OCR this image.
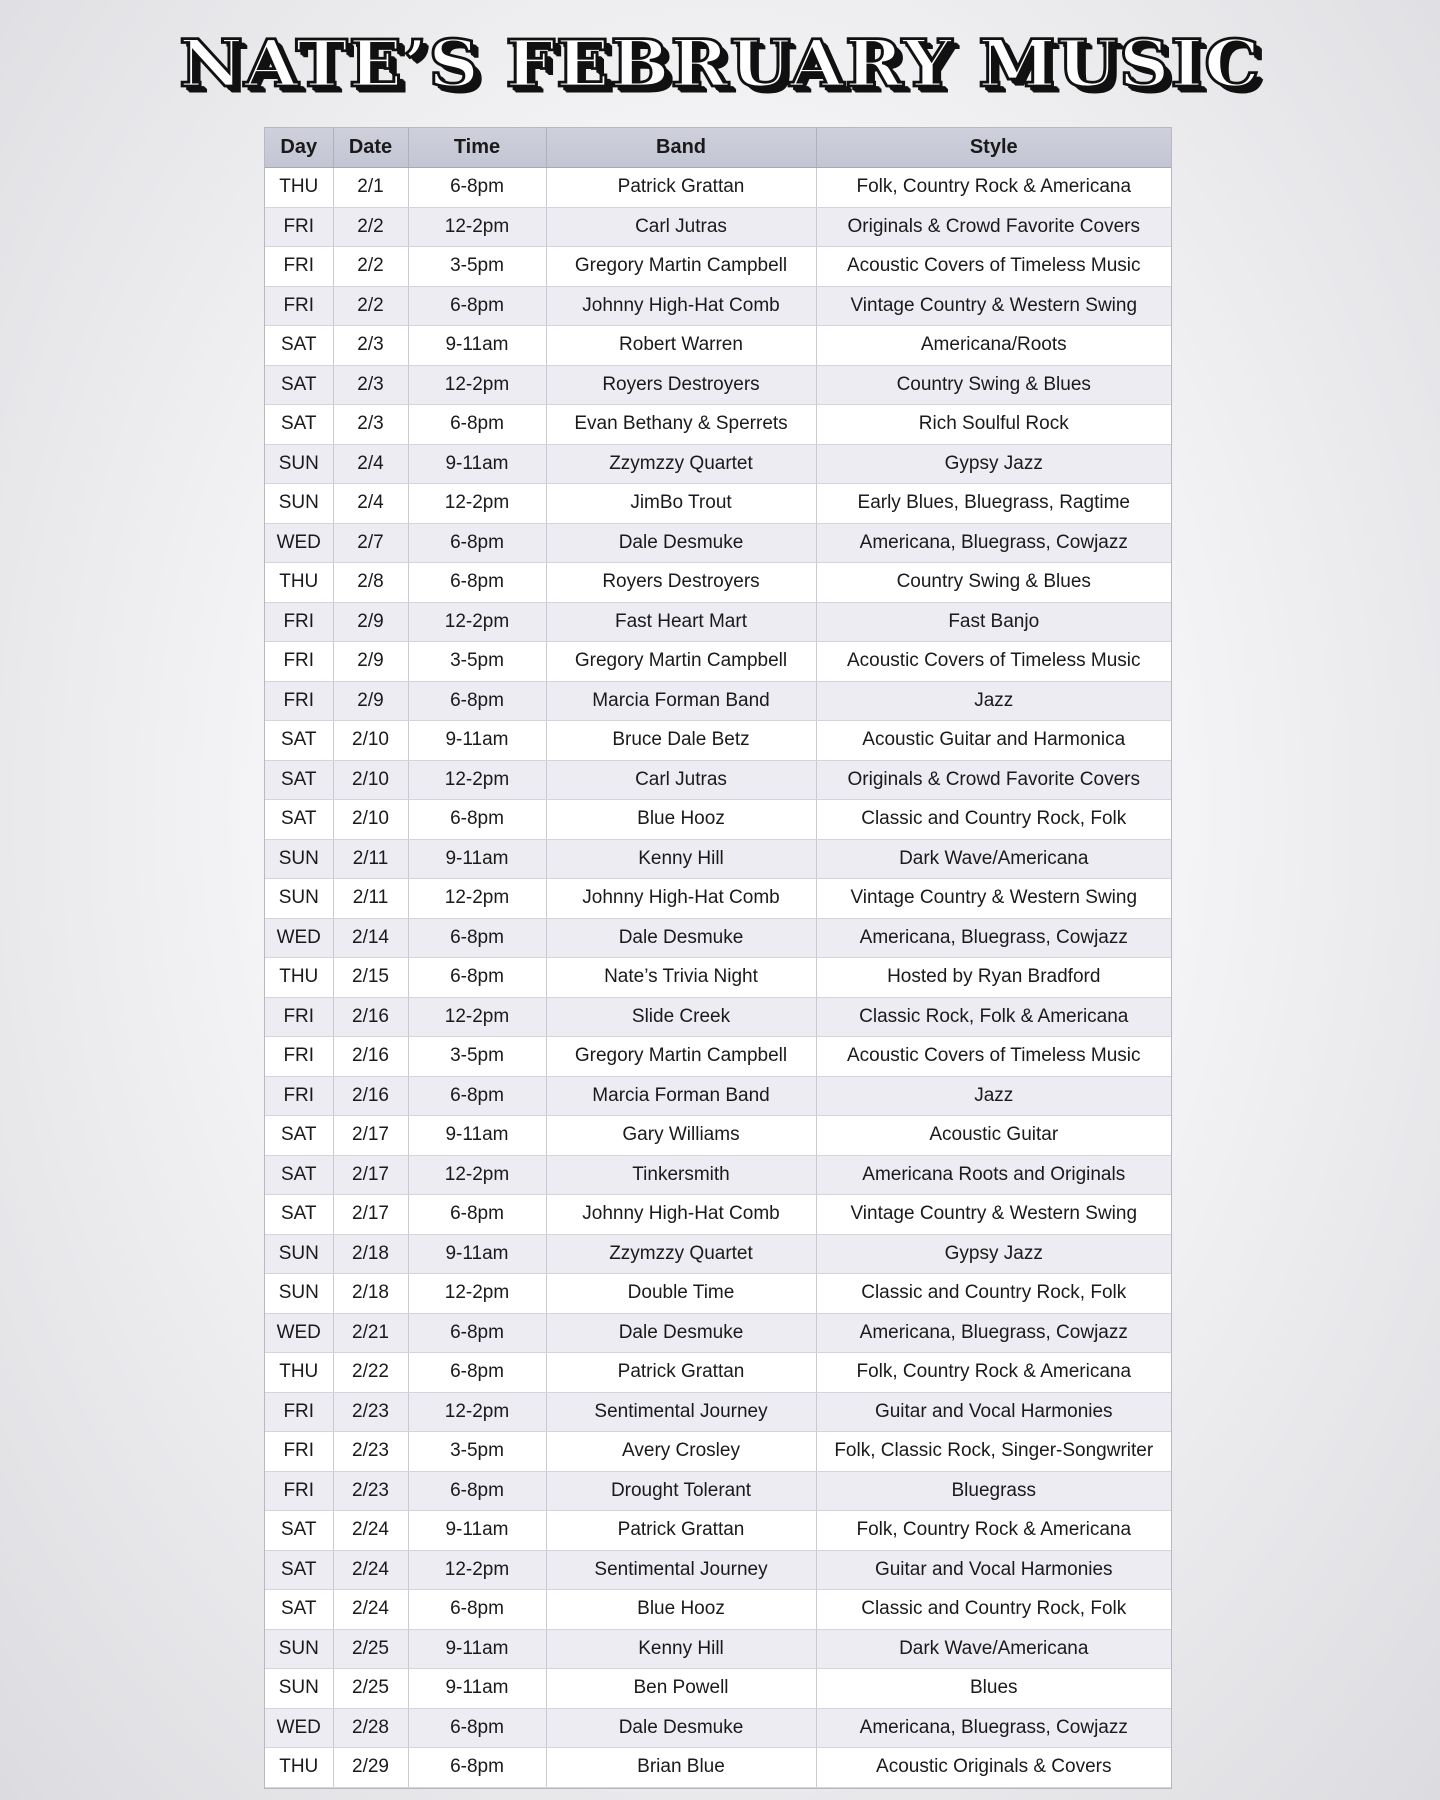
NATE’S FEBRUARY MUSIC
Day	Date	Time	Band	Style
THU	2/1	6-8pm	Patrick Grattan	Folk, Country Rock & Americana
FRI	2/2	12-2pm	Carl Jutras	Originals & Crowd Favorite Covers
FRI	2/2	3-5pm	Gregory Martin Campbell	Acoustic Covers of Timeless Music
FRI	2/2	6-8pm	Johnny High-Hat Comb	Vintage Country & Western Swing
SAT	2/3	9-11am	Robert Warren	Americana/Roots
SAT	2/3	12-2pm	Royers Destroyers	Country Swing & Blues
SAT	2/3	6-8pm	Evan Bethany & Sperrets	Rich Soulful Rock
SUN	2/4	9-11am	Zzymzzy Quartet	Gypsy Jazz
SUN	2/4	12-2pm	JimBo Trout	Early Blues, Bluegrass, Ragtime
WED	2/7	6-8pm	Dale Desmuke	Americana, Bluegrass, Cowjazz
THU	2/8	6-8pm	Royers Destroyers	Country Swing & Blues
FRI	2/9	12-2pm	Fast Heart Mart	Fast Banjo
FRI	2/9	3-5pm	Gregory Martin Campbell	Acoustic Covers of Timeless Music
FRI	2/9	6-8pm	Marcia Forman Band	Jazz
SAT	2/10	9-11am	Bruce Dale Betz	Acoustic Guitar and Harmonica
SAT	2/10	12-2pm	Carl Jutras	Originals & Crowd Favorite Covers
SAT	2/10	6-8pm	Blue Hooz	Classic and Country Rock, Folk
SUN	2/11	9-11am	Kenny Hill	Dark Wave/Americana
SUN	2/11	12-2pm	Johnny High-Hat Comb	Vintage Country & Western Swing
WED	2/14	6-8pm	Dale Desmuke	Americana, Bluegrass, Cowjazz
THU	2/15	6-8pm	Nate’s Trivia Night	Hosted by Ryan Bradford
FRI	2/16	12-2pm	Slide Creek	Classic Rock, Folk & Americana
FRI	2/16	3-5pm	Gregory Martin Campbell	Acoustic Covers of Timeless Music
FRI	2/16	6-8pm	Marcia Forman Band	Jazz
SAT	2/17	9-11am	Gary Williams	Acoustic Guitar
SAT	2/17	12-2pm	Tinkersmith	Americana Roots and Originals
SAT	2/17	6-8pm	Johnny High-Hat Comb	Vintage Country & Western Swing
SUN	2/18	9-11am	Zzymzzy Quartet	Gypsy Jazz
SUN	2/18	12-2pm	Double Time	Classic and Country Rock, Folk
WED	2/21	6-8pm	Dale Desmuke	Americana, Bluegrass, Cowjazz
THU	2/22	6-8pm	Patrick Grattan	Folk, Country Rock & Americana
FRI	2/23	12-2pm	Sentimental Journey	Guitar and Vocal Harmonies
FRI	2/23	3-5pm	Avery Crosley	Folk, Classic Rock, Singer-Songwriter
FRI	2/23	6-8pm	Drought Tolerant	Bluegrass
SAT	2/24	9-11am	Patrick Grattan	Folk, Country Rock & Americana
SAT	2/24	12-2pm	Sentimental Journey	Guitar and Vocal Harmonies
SAT	2/24	6-8pm	Blue Hooz	Classic and Country Rock, Folk
SUN	2/25	9-11am	Kenny Hill	Dark Wave/Americana
SUN	2/25	9-11am	Ben Powell	Blues
WED	2/28	6-8pm	Dale Desmuke	Americana, Bluegrass, Cowjazz
THU	2/29	6-8pm	Brian Blue	Acoustic Originals & Covers
